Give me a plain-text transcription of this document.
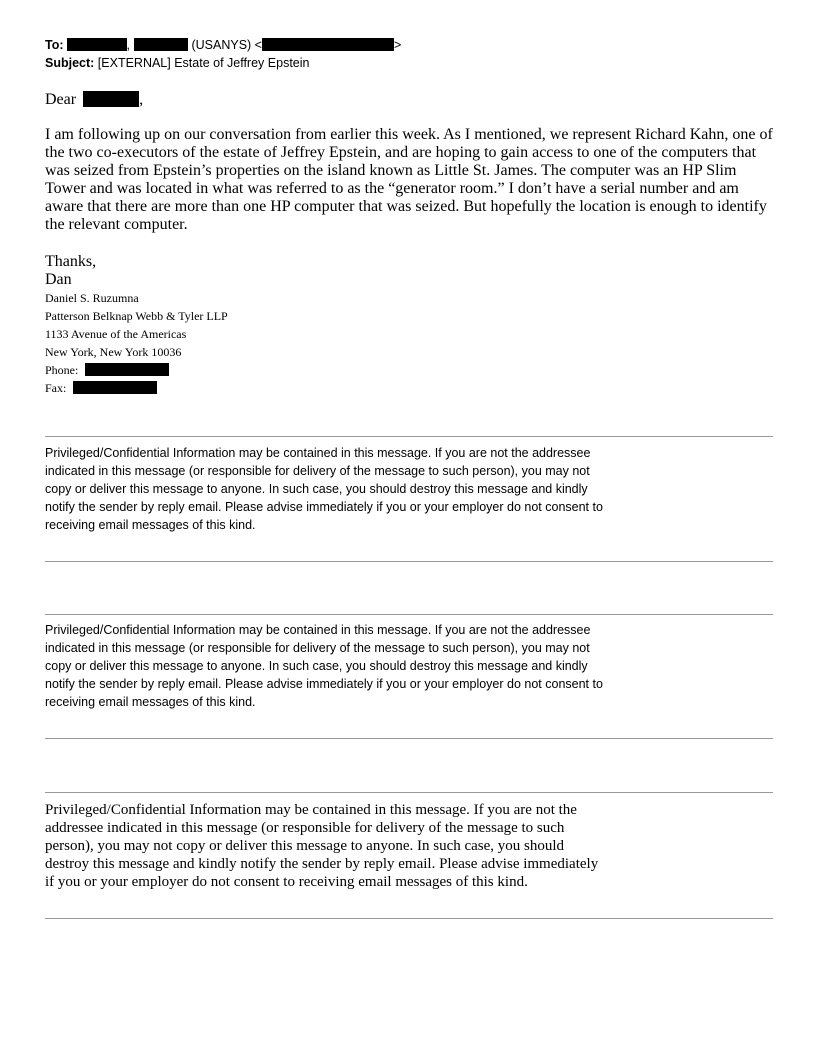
To:	,	(USANYS) <	>
Subject: [EXTERNAL] Estate of Jeffrey Epstein
Dear	,

I am following up on our conversation from earlier this week. As I mentioned, we represent Richard Kahn, one of the two co-executors of the estate of Jeffrey Epstein, and are hoping to gain access to one of the computers that was seized from Epstein’s properties on the island known as Little St. James. The computer was an HP Slim Tower and was located in what was referred to as the “generator room.” I don’t have a serial number and am aware that there are more than one HP computer that was seized. But hopefully the location is enough to identify the relevant computer.

Thanks,
Dan
Daniel S. Ruzumna
Patterson Belknap Webb & Tyler LLP
1133 Avenue of the Americas
New York, New York 10036
Phone:
Fax:

Privileged/Confidential Information may be contained in this message. If you are not the addressee indicated in this message (or responsible for delivery of the message to such person), you may not copy or deliver this message to anyone. In such case, you should destroy this message and kindly notify the sender by reply email. Please advise immediately if you or your employer do not consent to receiving email messages of this kind.

Privileged/Confidential Information may be contained in this message. If you are not the addressee indicated in this message (or responsible for delivery of the message to such person), you may not copy or deliver this message to anyone. In such case, you should destroy this message and kindly notify the sender by reply email. Please advise immediately if you or your employer do not consent to receiving email messages of this kind.

Privileged/Confidential Information may be contained in this message. If you are not the addressee indicated in this message (or responsible for delivery of the message to such person), you may not copy or deliver this message to anyone. In such case, you should destroy this message and kindly notify the sender by reply email. Please advise immediately if you or your employer do not consent to receiving email messages of this kind.
